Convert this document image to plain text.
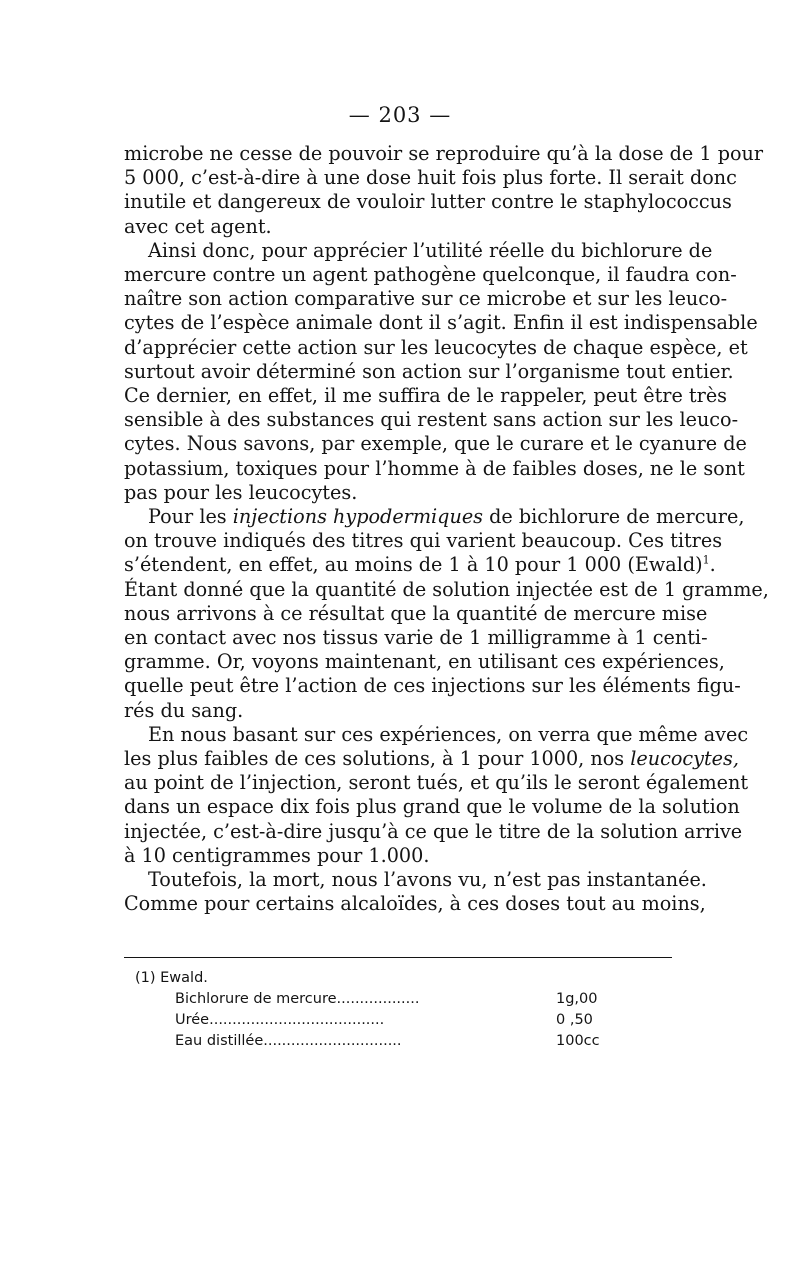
— 203 —
microbe ne cesse de pouvoir se reproduire qu’à la dose de 1 pour
5 000, c’est-à-dire à une dose huit fois plus forte. Il serait donc
inutile et dangereux de vouloir lutter contre le staphylococcus
avec cet agent.
Ainsi donc, pour apprécier l’utilité réelle du bichlorure de
mercure contre un agent pathogène quelconque, il faudra con-
naître son action comparative sur ce microbe et sur les leuco-
cytes de l’espèce animale dont il s’agit. Enfin il est indispensable
d’apprécier cette action sur les leucocytes de chaque espèce, et
surtout avoir déterminé son action sur l’organisme tout entier.
Ce dernier, en effet, il me suffira de le rappeler, peut être très
sensible à des substances qui restent sans action sur les leuco-
cytes. Nous savons, par exemple, que le curare et le cyanure de
potassium, toxiques pour l’homme à de faibles doses, ne le sont
pas pour les leucocytes.
Pour les injections hypodermiques de bichlorure de mercure,
on trouve indiqués des titres qui varient beaucoup. Ces titres
s’étendent, en effet, au moins de 1 à 10 pour 1 000 (Ewald)$^1$.
Étant donné que la quantité de solution injectée est de 1 gramme,
nous arrivons à ce résultat que la quantité de mercure mise
en contact avec nos tissus varie de 1 milligramme à 1 centi-
gramme. Or, voyons maintenant, en utilisant ces expériences,
quelle peut être l’action de ces injections sur les éléments figu-
rés du sang.
En nous basant sur ces expériences, on verra que même avec
les plus faibles de ces solutions, à 1 pour 1000, nos leucocytes,
au point de l’injection, seront tués, et qu’ils le seront également
dans un espace dix fois plus grand que le volume de la solution
injectée, c’est-à-dire jusqu’à ce que le titre de la solution arrive
à 10 centigrammes pour 1.000.
Toutefois, la mort, nous l’avons vu, n’est pas instantanée.
Comme pour certains alcaloïdes, à ces doses tout au moins,
(1) Ewald.
Bichlorure de mercure..................	1g,00
Urée......................................	0 ,50
Eau distillée..............................	100cc
